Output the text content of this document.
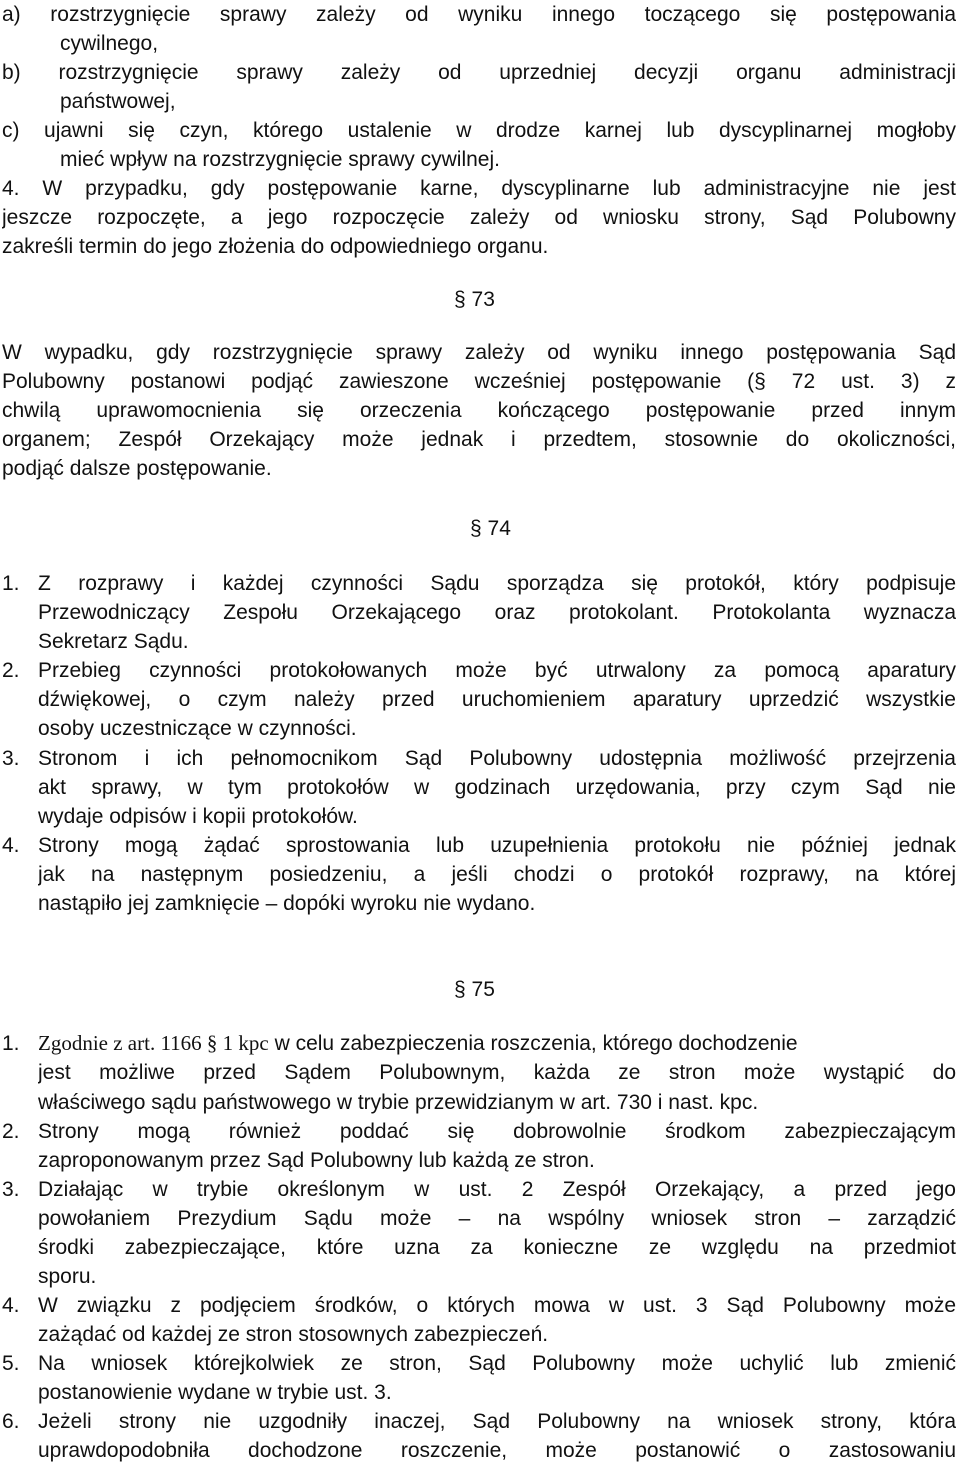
a) rozstrzygnięcie sprawy zależy od wyniku innego toczącego się postępowania
cywilnego,
b) rozstrzygnięcie sprawy zależy od uprzedniej decyzji organu administracji
państwowej,
c) ujawni się czyn, którego ustalenie w drodze karnej lub dyscyplinarnej mogłoby
mieć wpływ na rozstrzygnięcie sprawy cywilnej.
4. W przypadku, gdy postępowanie karne, dyscyplinarne lub administracyjne nie jest
jeszcze rozpoczęte, a jego rozpoczęcie zależy od wniosku strony, Sąd Polubowny
zakreśli termin do jego złożenia do odpowiedniego organu.
§ 73
W wypadku, gdy rozstrzygnięcie sprawy zależy od wyniku innego postępowania Sąd
Polubowny postanowi podjąć zawieszone wcześniej postępowanie (§ 72 ust. 3) z
chwilą uprawomocnienia się orzeczenia kończącego postępowanie przed innym
organem; Zespół Orzekający może jednak i przedtem, stosownie do okoliczności,
podjąć dalsze postępowanie.
§ 74
1. Z rozprawy i każdej czynności Sądu sporządza się protokół, który podpisuje
Przewodniczący Zespołu Orzekającego oraz protokolant. Protokolanta wyznacza
Sekretarz Sądu.
2. Przebieg czynności protokołowanych może być utrwalony za pomocą aparatury
dźwiękowej, o czym należy przed uruchomieniem aparatury uprzedzić wszystkie
osoby uczestniczące w czynności.
3. Stronom i ich pełnomocnikom Sąd Polubowny udostępnia możliwość przejrzenia
akt sprawy, w tym protokołów w godzinach urzędowania, przy czym Sąd nie
wydaje odpisów i kopii protokołów.
4. Strony mogą żądać sprostowania lub uzupełnienia protokołu nie później jednak
jak na następnym posiedzeniu, a jeśli chodzi o protokół rozprawy, na której
nastąpiło jej zamknięcie – dopóki wyroku nie wydano.
§ 75
1. Zgodnie z art. 1166 § 1 kpc w celu zabezpieczenia roszczenia, którego dochodzenie
jest możliwe przed Sądem Polubownym, każda ze stron może wystąpić do
właściwego sądu państwowego w trybie przewidzianym w art. 730 i nast. kpc.
2. Strony mogą również poddać się dobrowolnie środkom zabezpieczającym
zaproponowanym przez Sąd Polubowny lub każdą ze stron.
3. Działając w trybie określonym w ust. 2 Zespół Orzekający, a przed jego
powołaniem Prezydium Sądu może – na wspólny wniosek stron – zarządzić
środki zabezpieczające, które uzna za konieczne ze względu na przedmiot
sporu.
4. W związku z podjęciem środków, o których mowa w ust. 3 Sąd Polubowny może
zażądać od każdej ze stron stosownych zabezpieczeń.
5. Na wniosek którejkolwiek ze stron, Sąd Polubowny może uchylić lub zmienić
postanowienie wydane w trybie ust. 3.
6. Jeżeli strony nie uzgodniły inaczej, Sąd Polubowny na wniosek strony, która
uprawdopodobniła dochodzone roszczenie, może postanowić o zastosowaniu
